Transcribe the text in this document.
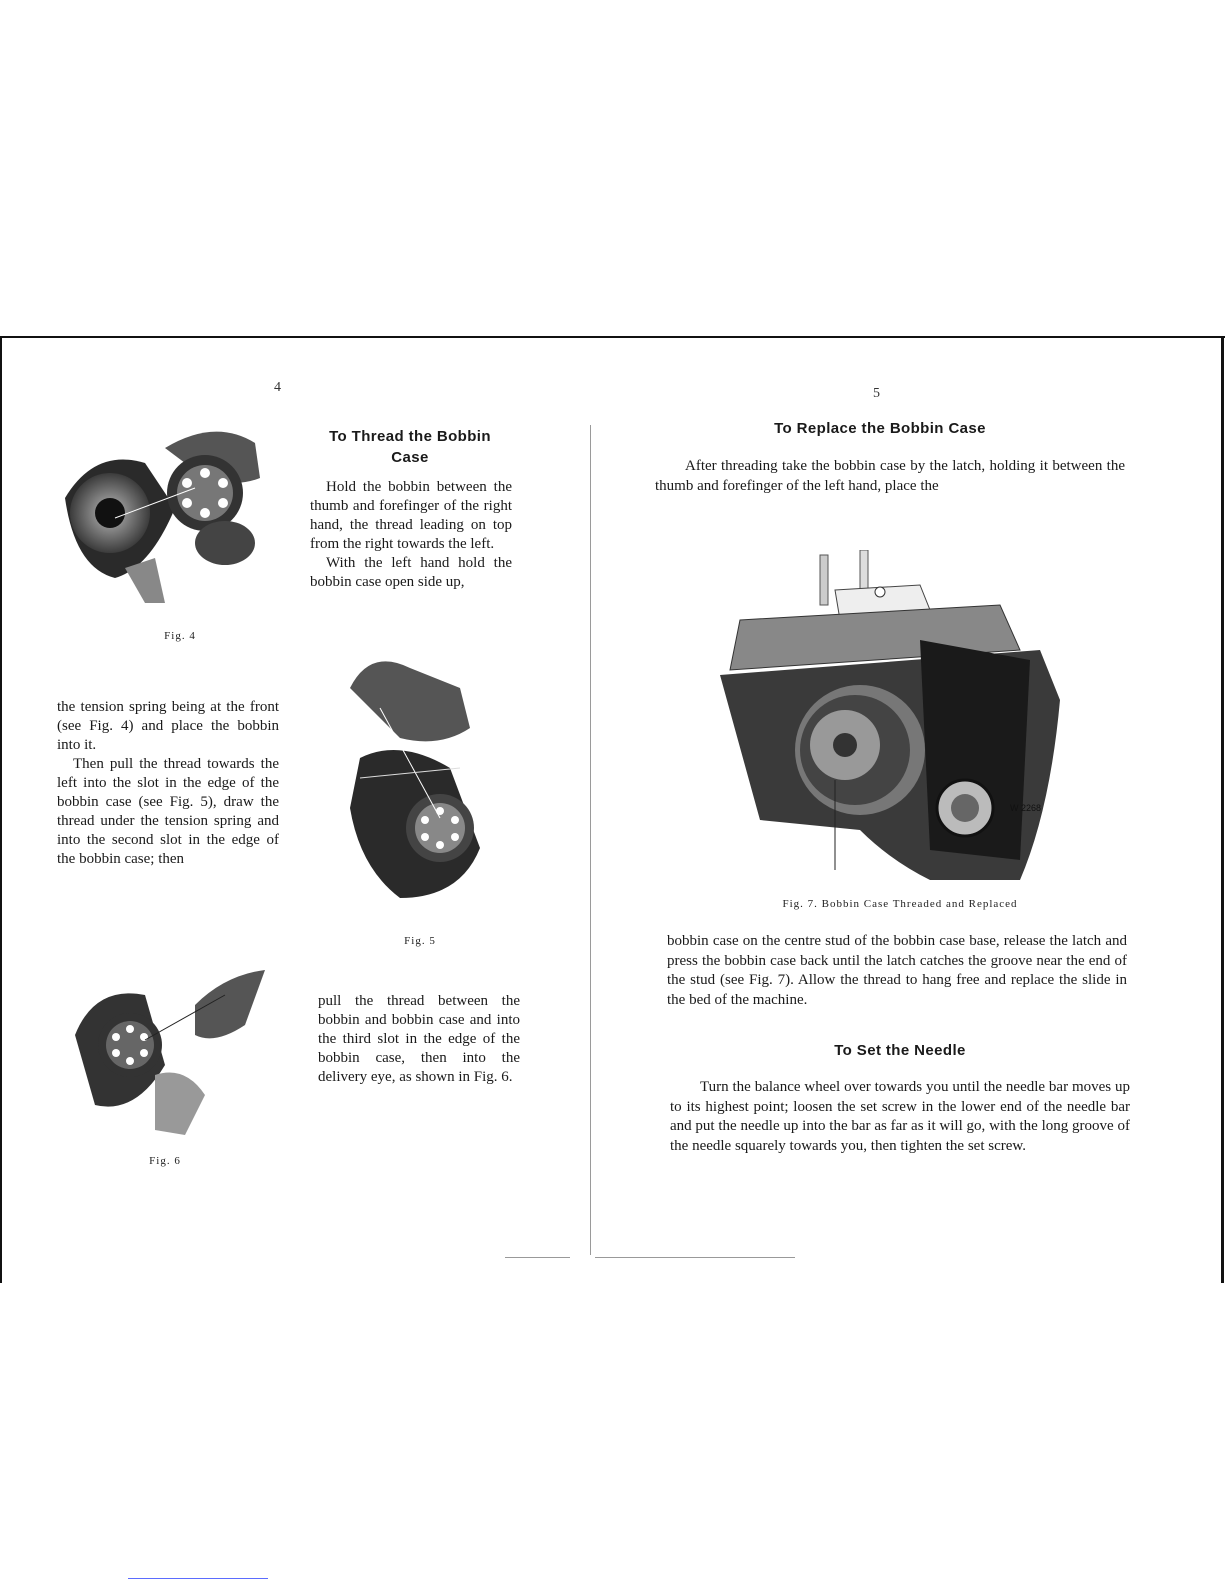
4
Fig. 4
To Thread the Bobbin Case

Hold the bobbin between the thumb and forefinger of the right hand, the thread leading on top from the right towards the left.

With the left hand hold the bobbin case open side up,

the tension spring being at the front (see Fig. 4) and place the bobbin into it.

Then pull the thread towards the left into the slot in the edge of the bobbin case (see Fig. 5), draw the thread under the tension spring and into the second slot in the edge of the bobbin case; then

Fig. 5
Fig. 6

pull the thread between the bobbin and bobbin case and into the third slot in the edge of the bobbin case, then into the delivery eye, as shown in Fig. 6.

5
To Replace the Bobbin Case

After threading take the bobbin case by the latch, holding it between the thumb and forefinger of the left hand, place the

W 2268
Fig. 7. Bobbin Case Threaded and Replaced

bobbin case on the centre stud of the bobbin case base, release the latch and press the bobbin case back until the latch catches the groove near the end of the stud (see Fig. 7). Allow the thread to hang free and replace the slide in the bed of the machine.

To Set the Needle

Turn the balance wheel over towards you until the needle bar moves up to its highest point; loosen the set screw in the lower end of the needle bar and put the needle up into the bar as far as it will go, with the long groove of the needle squarely towards you, then tighten the set screw.
